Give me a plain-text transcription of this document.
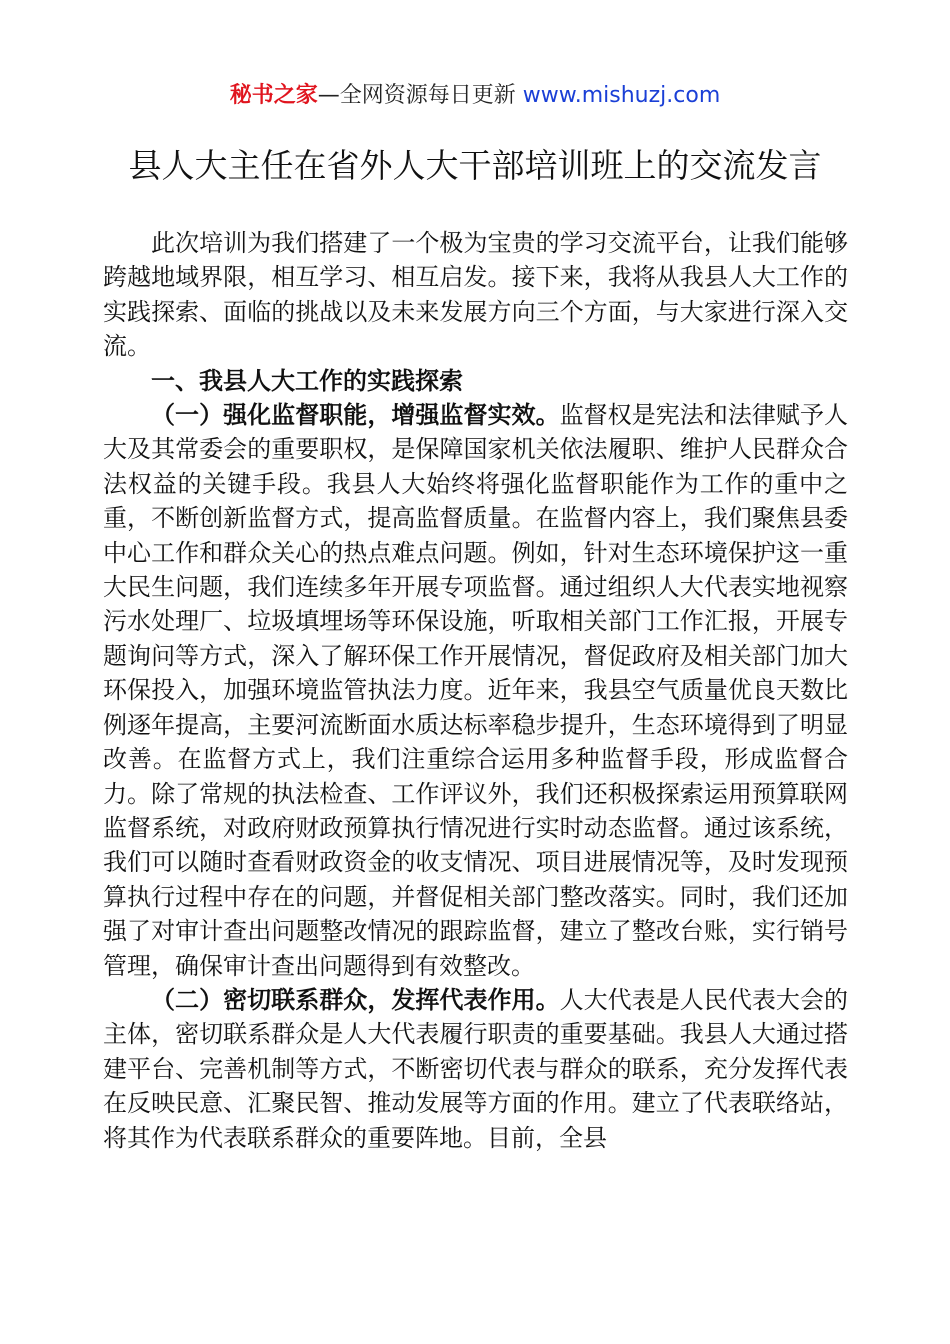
秘书之家—全网资源每日更新 www.mishuzj.com
县人大主任在省外人大干部培训班上的交流发言

此次培训为我们搭建了一个极为宝贵的学习交流平台，让我们能够跨越地域界限，相互学习、相互启发。接下来，我将从我县人大工作的实践探索、面临的挑战以及未来发展方向三个方面，与大家进行深入交流。

一、我县人大工作的实践探索

（一）强化监督职能，增强监督实效。监督权是宪法和法律赋予人大及其常委会的重要职权，是保障国家机关依法履职、维护人民群众合法权益的关键手段。我县人大始终将强化监督职能作为工作的重中之重，不断创新监督方式，提高监督质量。在监督内容上，我们聚焦县委中心工作和群众关心的热点难点问题。例如，针对生态环境保护这一重大民生问题，我们连续多年开展专项监督。通过组织人大代表实地视察污水处理厂、垃圾填埋场等环保设施，听取相关部门工作汇报，开展专题询问等方式，深入了解环保工作开展情况，督促政府及相关部门加大环保投入，加强环境监管执法力度。近年来，我县空气质量优良天数比例逐年提高，主要河流断面水质达标率稳步提升，生态环境得到了明显改善。在监督方式上，我们注重综合运用多种监督手段，形成监督合力。除了常规的执法检查、工作评议外，我们还积极探索运用预算联网监督系统，对政府财政预算执行情况进行实时动态监督。通过该系统，我们可以随时查看财政资金的收支情况、项目进展情况等，及时发现预算执行过程中存在的问题，并督促相关部门整改落实。同时，我们还加强了对审计查出问题整改情况的跟踪监督，建立了整改台账，实行销号管理，确保审计查出问题得到有效整改。

（二）密切联系群众，发挥代表作用。人大代表是人民代表大会的主体，密切联系群众是人大代表履行职责的重要基础。我县人大通过搭建平台、完善机制等方式，不断密切代表与群众的联系，充分发挥代表在反映民意、汇聚民智、推动发展等方面的作用。建立了代表联络站，将其作为代表联系群众的重要阵地。目前，全县
